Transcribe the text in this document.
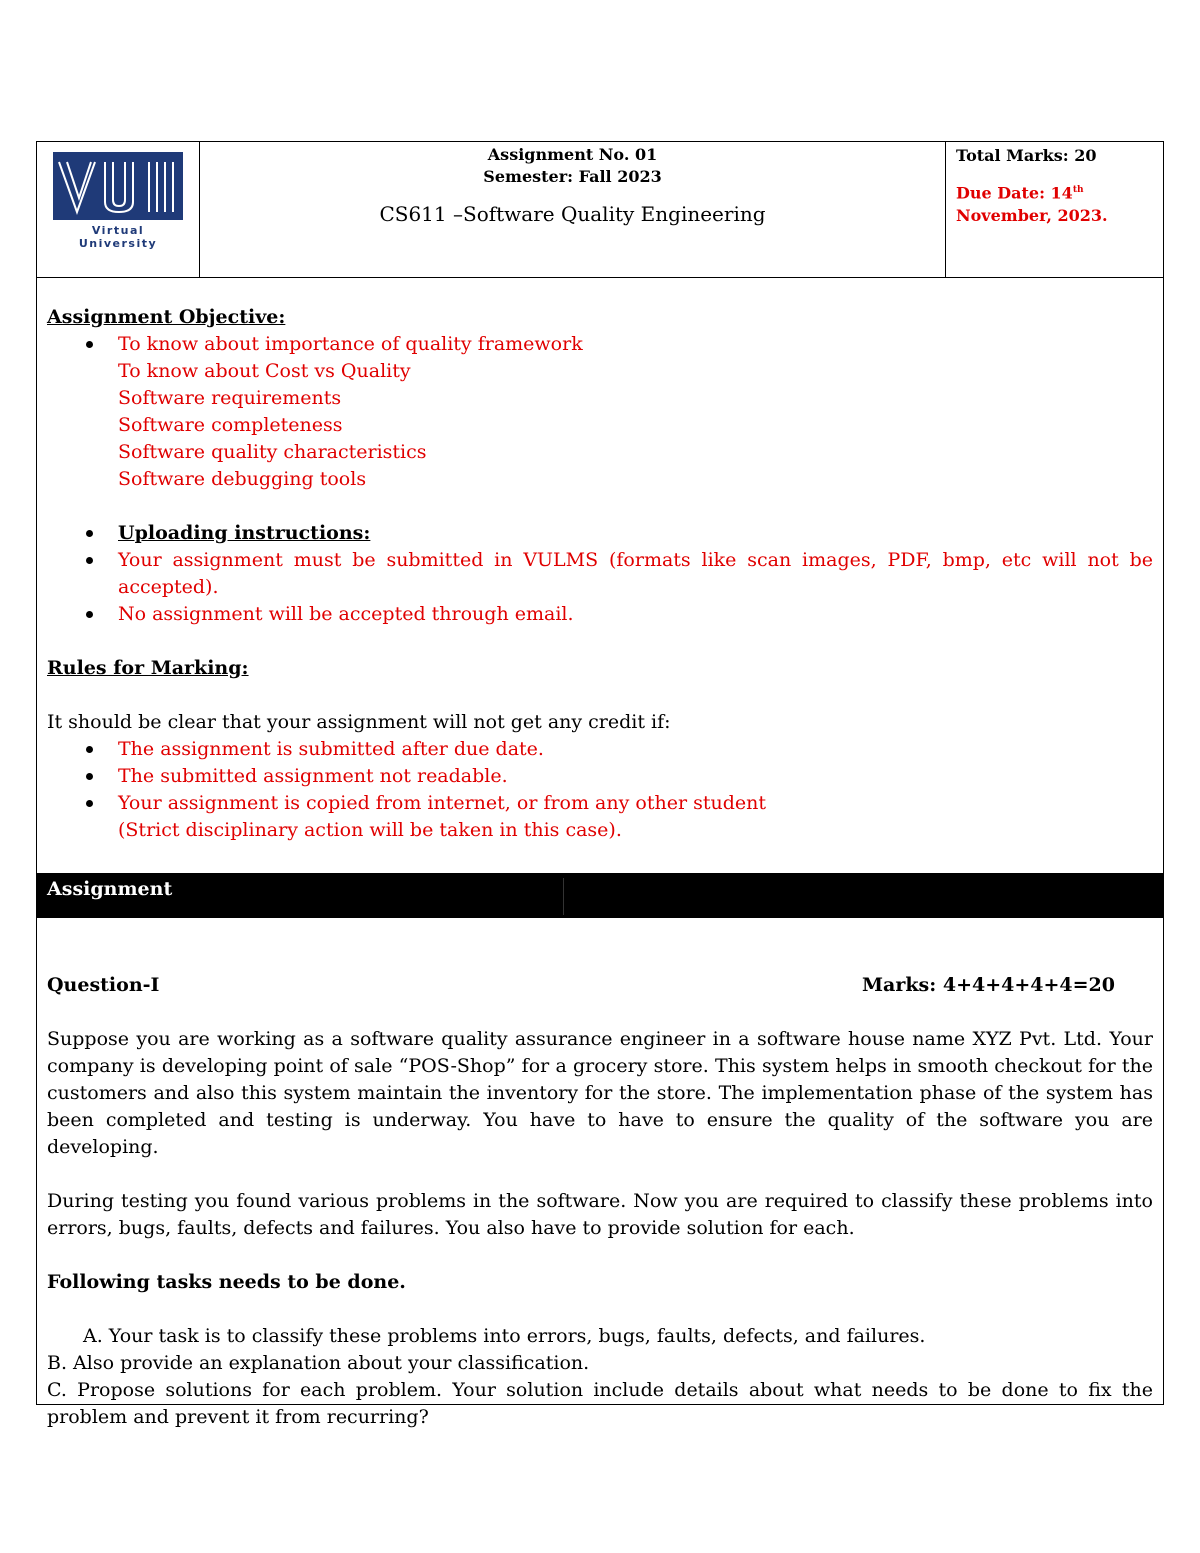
Virtual University
Assignment No. 01
Semester: Fall 2023
CS611 –Software Quality Engineering
Total Marks: 20
Due Date: 14th
November, 2023.
Assignment Objective:
To know about importance of quality framework
To know about Cost vs Quality
Software requirements
Software completeness
Software quality characteristics
Software debugging tools
Uploading instructions:
Your assignment must be submitted in VULMS (formats like scan images, PDF, bmp, etc will not be accepted).
No assignment will be accepted through email.
Rules for Marking:
It should be clear that your assignment will not get any credit if:
The assignment is submitted after due date.
The submitted assignment not readable.
Your assignment is copied from internet, or from any other student
(Strict disciplinary action will be taken in this case).
Assignment
Question-I	Marks: 4+4+4+4+4=20
Suppose you are working as a software quality assurance engineer in a software house name XYZ Pvt. Ltd. Your company is developing point of sale “POS-Shop” for a grocery store. This system helps in smooth checkout for the customers and also this system maintain the inventory for the store. The implementation phase of the system has been completed and testing is underway. You have to have to ensure the quality of the software you are developing.
During testing you found various problems in the software. Now you are required to classify these problems into errors, bugs, faults, defects and failures. You also have to provide solution for each.
Following tasks needs to be done.
A. Your task is to classify these problems into errors, bugs, faults, defects, and failures.
B. Also provide an explanation about your classification.
C. Propose solutions for each problem. Your solution include details about what needs to be done to fix the problem and prevent it from recurring?
